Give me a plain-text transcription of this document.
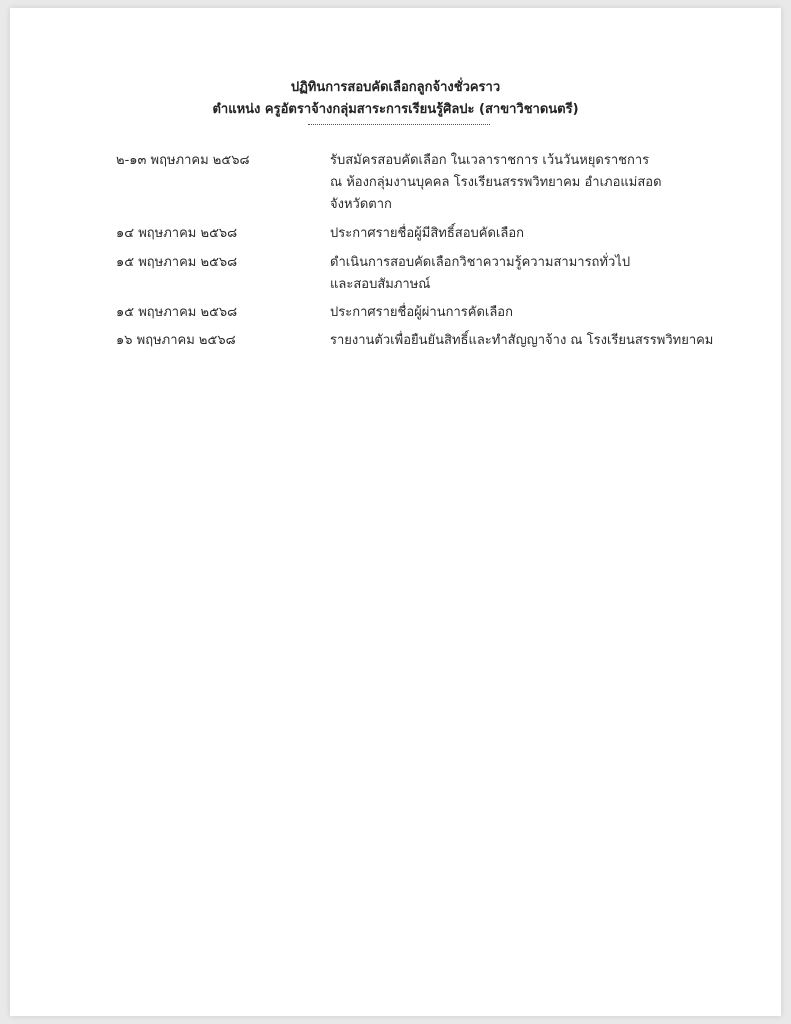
ปฏิทินการสอบคัดเลือกลูกจ้างชั่วคราว
ตำแหน่ง ครูอัตราจ้างกลุ่มสาระการเรียนรู้ศิลปะ (สาขาวิชาดนตรี)
๒-๑๓ พฤษภาคม ๒๕๖๘	รับสมัครสอบคัดเลือก ในเวลาราชการ เว้นวันหยุดราชการ
ณ ห้องกลุ่มงานบุคคล โรงเรียนสรรพวิทยาคม อำเภอแม่สอด
จังหวัดตาก
๑๔ พฤษภาคม ๒๕๖๘	ประกาศรายชื่อผู้มีสิทธิ์สอบคัดเลือก
๑๕ พฤษภาคม ๒๕๖๘	ดำเนินการสอบคัดเลือกวิชาความรู้ความสามารถทั่วไป
และสอบสัมภาษณ์
๑๕ พฤษภาคม ๒๕๖๘	ประกาศรายชื่อผู้ผ่านการคัดเลือก
๑๖ พฤษภาคม ๒๕๖๘	รายงานตัวเพื่อยืนยันสิทธิ์และทำสัญญาจ้าง ณ โรงเรียนสรรพวิทยาคม
